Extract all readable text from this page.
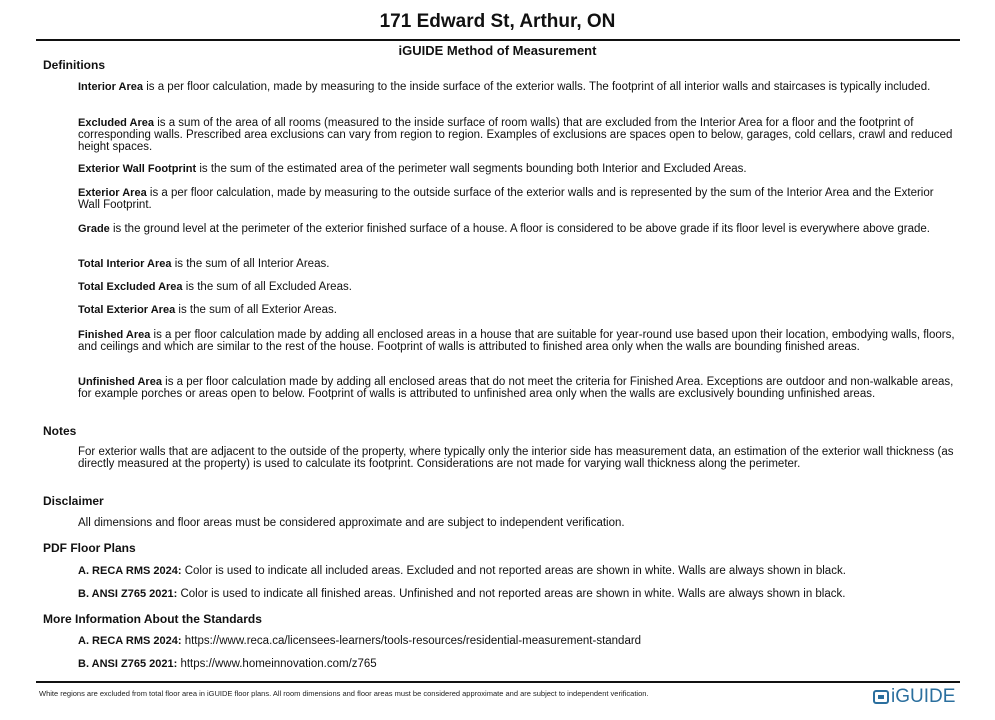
171 Edward St, Arthur, ON
iGUIDE Method of Measurement
Definitions
Interior Area is a per floor calculation, made by measuring to the inside surface of the exterior walls. The footprint of all interior walls and staircases is typically included.
Excluded Area is a sum of the area of all rooms (measured to the inside surface of room walls) that are excluded from the Interior Area for a floor and the footprint of corresponding walls. Prescribed area exclusions can vary from region to region. Examples of exclusions are spaces open to below, garages, cold cellars, crawl and reduced height spaces.
Exterior Wall Footprint is the sum of the estimated area of the perimeter wall segments bounding both Interior and Excluded Areas.
Exterior Area is a per floor calculation, made by measuring to the outside surface of the exterior walls and is represented by the sum of the Interior Area and the Exterior Wall Footprint.
Grade is the ground level at the perimeter of the exterior finished surface of a house. A floor is considered to be above grade if its floor level is everywhere above grade.
Total Interior Area is the sum of all Interior Areas.
Total Excluded Area is the sum of all Excluded Areas.
Total Exterior Area is the sum of all Exterior Areas.
Finished Area is a per floor calculation made by adding all enclosed areas in a house that are suitable for year-round use based upon their location, embodying walls, floors, and ceilings and which are similar to the rest of the house. Footprint of walls is attributed to finished area only when the walls are bounding finished areas.
Unfinished Area is a per floor calculation made by adding all enclosed areas that do not meet the criteria for Finished Area. Exceptions are outdoor and non-walkable areas, for example porches or areas open to below. Footprint of walls is attributed to unfinished area only when the walls are exclusively bounding unfinished areas.
Notes
For exterior walls that are adjacent to the outside of the property, where typically only the interior side has measurement data, an estimation of the exterior wall thickness (as directly measured at the property) is used to calculate its footprint. Considerations are not made for varying wall thickness along the perimeter.
Disclaimer
All dimensions and floor areas must be considered approximate and are subject to independent verification.
PDF Floor Plans
A. RECA RMS 2024: Color is used to indicate all included areas. Excluded and not reported areas are shown in white. Walls are always shown in black.
B. ANSI Z765 2021: Color is used to indicate all finished areas. Unfinished and not reported areas are shown in white. Walls are always shown in black.
More Information About the Standards
A. RECA RMS 2024: https://www.reca.ca/licensees-learners/tools-resources/residential-measurement-standard
B. ANSI Z765 2021: https://www.homeinnovation.com/z765
White regions are excluded from total floor area in iGUIDE floor plans. All room dimensions and floor areas must be considered approximate and are subject to independent verification.	iGUIDE
